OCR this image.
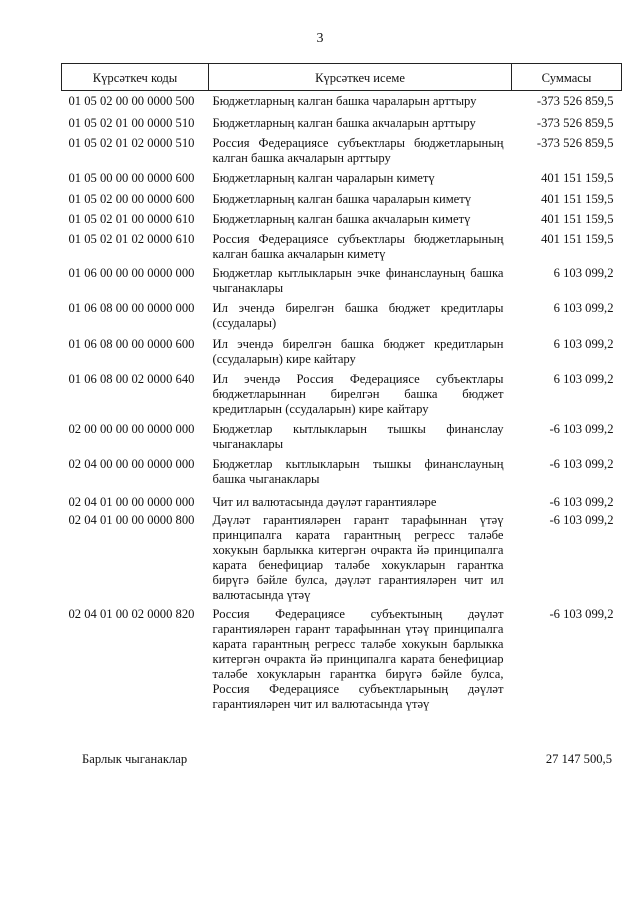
3
Күрсәткеч коды	Күрсәткеч исеме	Суммасы
01 05 02 00 00 0000 500	Бюджетларның калган башка чараларын арттыру	-373 526 859,5
01 05 02 01 00 0000 510	Бюджетларның калган башка акчаларын арттыру	-373 526 859,5
01 05 02 01 02 0000 510	Россия Федерациясе субъектлары бюджетларының калган башка акчаларын арттыру	-373 526 859,5
01 05 00 00 00 0000 600	Бюджетларның калган чараларын киметү	401 151 159,5
01 05 02 00 00 0000 600	Бюджетларның калган башка чараларын киметү	401 151 159,5
01 05 02 01 00 0000 610	Бюджетларның калган башка акчаларын киметү	401 151 159,5
01 05 02 01 02 0000 610	Россия Федерациясе субъектлары бюджетларының калган башка акчаларын киметү	401 151 159,5
01 06 00 00 00 0000 000	Бюджетлар кытлыкларын эчке финанслауның башка чыганаклары	6 103 099,2
01 06 08 00 00 0000 000	Ил эчендә бирелгән башка бюджет кредитлары (ссудалары)	6 103 099,2
01 06 08 00 00 0000 600	Ил эчендә бирелгән башка бюджет кредитларын (ссудаларын) кире кайтару	6 103 099,2
01 06 08 00 02 0000 640	Ил эчендә Россия Федерациясе субъектлары бюджетларыннан бирелгән башка бюджет кредитларын (ссудаларын) кире кайтару	6 103 099,2
02 00 00 00 00 0000 000	Бюджетлар кытлыкларын тышкы финанслау чыганаклары	-6 103 099,2
02 04 00 00 00 0000 000	Бюджетлар кытлыкларын тышкы финанслауның башка чыганаклары	-6 103 099,2
02 04 01 00 00 0000 000	Чит ил валютасында дәүләт гарантияләре	-6 103 099,2
02 04 01 00 00 0000 800	Дәүләт гарантияләрен гарант тарафыннан үтәү принципалга карата гарантның регресс таләбе хокукын барлыкка китергән очракта йә принципалга карата бенефициар таләбе хокукларын гарантка бирүгә бәйле булса, дәүләт гарантияләрен чит ил валютасында үтәү	-6 103 099,2
02 04 01 00 02 0000 820	Россия Федерациясе субъектының дәүләт гарантияләрен гарант тарафыннан үтәү принципалга карата гарантның регресс таләбе хокукын барлыкка китергән очракта йә принципалга карата бенефициар таләбе хокукларын гарантка бирүгә бәйле булса, Россия Федерациясе субъектларының дәүләт гарантияләрен чит ил валютасында үтәү	-6 103 099,2
Барлык чыганаклар	27 147 500,5
